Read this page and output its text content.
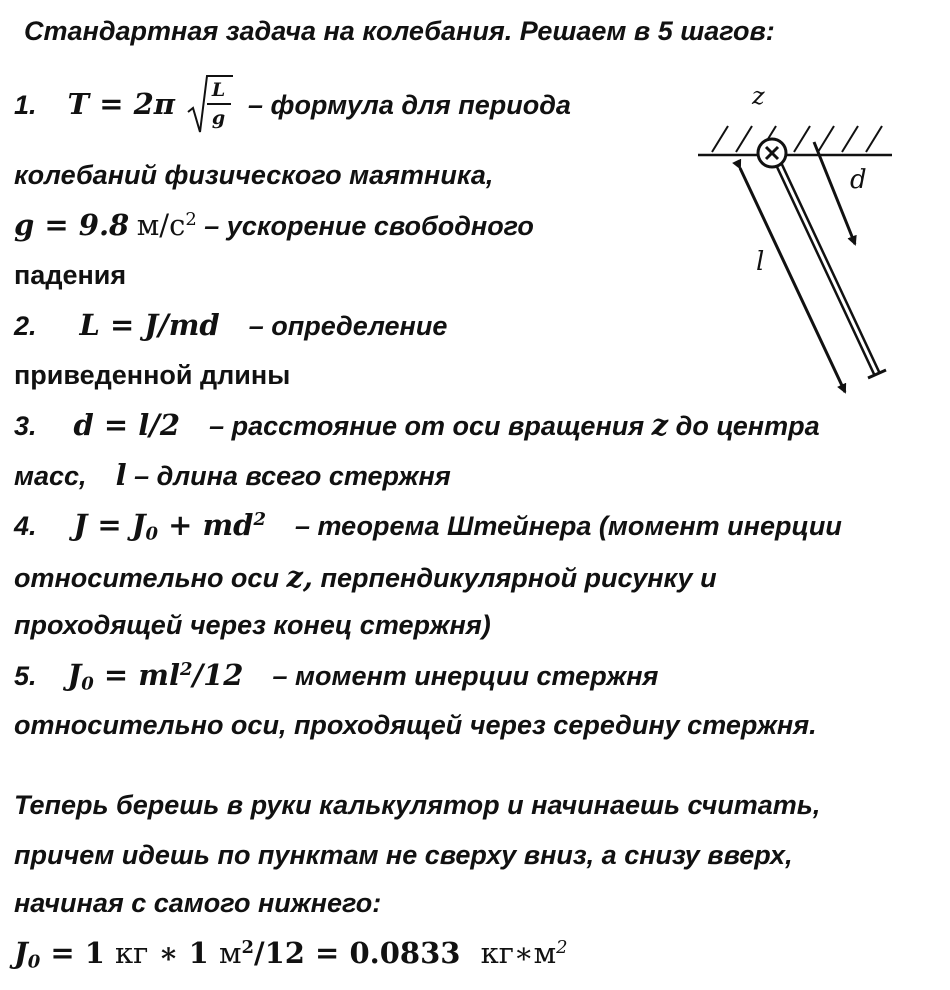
Стандартная задача на колебания. Решаем в 5 шагов:
1. T = 2π L
g – формула для периода
колебаний физического маятника,
g = 9.8 $м/с^2$ – ускорение свободного
падения
2. L = J/md – определение
приведенной длины
3. d = l/2 – расстояние от оси вращения z до центра
масс, l – длина всего стержня
4. $J = J_0 + md^2$ – теорема Штейнера (момент инерции
относительно оси z, перпендикулярной рисунку и
проходящей через конец стержня)
5. $J_0 = ml^2/12$ – момент инерции стержня
относительно оси, проходящей через середину стержня.
Теперь берешь в руки калькулятор и начинаешь считать,
причем идешь по пунктам не сверху вниз, а снизу вверх,
начиная с самого нижнего:
$J_0 = 1$ кг ∗ 1 $м^2/12 = 0.0833$ $кг∗м^2$
z
d
l
